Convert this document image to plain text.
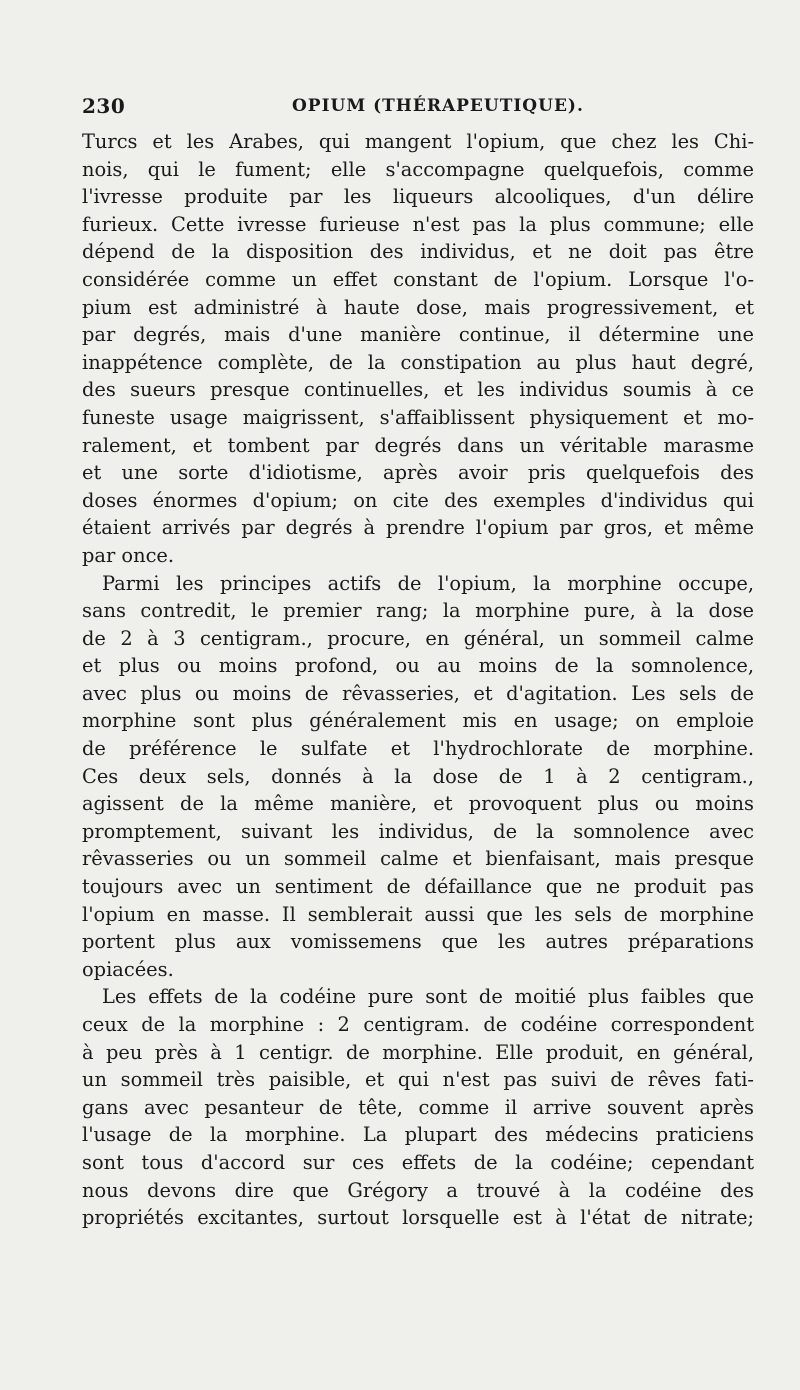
230	OPIUM (THÉRAPEUTIQUE).
Turcs et les Arabes, qui mangent l'opium, que chez les Chi-
nois, qui le fument; elle s'accompagne quelquefois, comme
l'ivresse produite par les liqueurs alcooliques, d'un délire
furieux. Cette ivresse furieuse n'est pas la plus commune; elle
dépend de la disposition des individus, et ne doit pas être
considérée comme un effet constant de l'opium. Lorsque l'o-
pium est administré à haute dose, mais progressivement, et
par degrés, mais d'une manière continue, il détermine une
inappétence complète, de la constipation au plus haut degré,
des sueurs presque continuelles, et les individus soumis à ce
funeste usage maigrissent, s'affaiblissent physiquement et mo-
ralement, et tombent par degrés dans un véritable marasme
et une sorte d'idiotisme, après avoir pris quelquefois des
doses énormes d'opium; on cite des exemples d'individus qui
étaient arrivés par degrés à prendre l'opium par gros, et même
par once.
Parmi les principes actifs de l'opium, la morphine occupe,
sans contredit, le premier rang; la morphine pure, à la dose
de 2 à 3 centigram., procure, en général, un sommeil calme
et plus ou moins profond, ou au moins de la somnolence,
avec plus ou moins de rêvasseries, et d'agitation. Les sels de
morphine sont plus généralement mis en usage; on emploie
de préférence le sulfate et l'hydrochlorate de morphine.
Ces deux sels, donnés à la dose de 1 à 2 centigram.,
agissent de la même manière, et provoquent plus ou moins
promptement, suivant les individus, de la somnolence avec
rêvasseries ou un sommeil calme et bienfaisant, mais presque
toujours avec un sentiment de défaillance que ne produit pas
l'opium en masse. Il semblerait aussi que les sels de morphine
portent plus aux vomissemens que les autres préparations
opiacées.
Les effets de la codéine pure sont de moitié plus faibles que
ceux de la morphine : 2 centigram. de codéine correspondent
à peu près à 1 centigr. de morphine. Elle produit, en général,
un sommeil très paisible, et qui n'est pas suivi de rêves fati-
gans avec pesanteur de tête, comme il arrive souvent après
l'usage de la morphine. La plupart des médecins praticiens
sont tous d'accord sur ces effets de la codéine; cependant
nous devons dire que Grégory a trouvé à la codéine des
propriétés excitantes, surtout lorsquelle est à l'état de nitrate;
